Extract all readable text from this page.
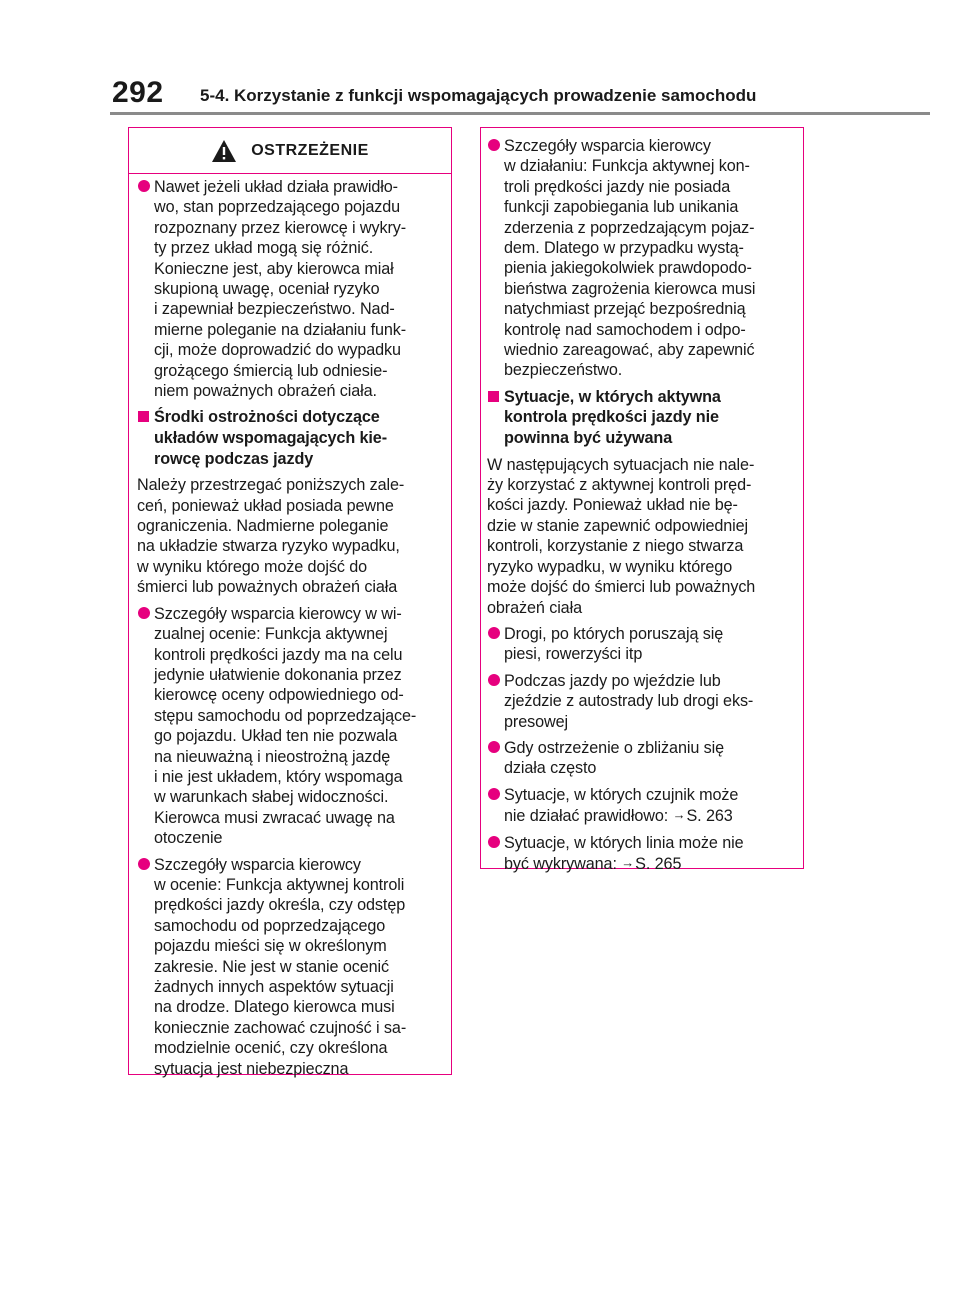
292 5-4. Korzystanie z funkcji wspomagających prowadzenie samochodu
OSTRZEŻENIE
Nawet jeżeli układ działa prawidło-
wo, stan poprzedzającego pojazdu
rozpoznany przez kierowcę i wykry-
ty przez układ mogą się różnić.
Konieczne jest, aby kierowca miał
skupioną uwagę, oceniał ryzyko
i zapewniał bezpieczeństwo. Nad-
mierne poleganie na działaniu funk-
cji, może doprowadzić do wypadku
grożącego śmiercią lub odniesie-
niem poważnych obrażeń ciała.
Środki ostrożności dotyczące
układów wspomagających kie-
rowcę podczas jazdy
Należy przestrzegać poniższych zale-
ceń, ponieważ układ posiada pewne
ograniczenia. Nadmierne poleganie
na układzie stwarza ryzyko wypadku,
w wyniku którego może dojść do
śmierci lub poważnych obrażeń ciała
Szczegóły wsparcia kierowcy w wi-
zualnej ocenie: Funkcja aktywnej
kontroli prędkości jazdy ma na celu
jedynie ułatwienie dokonania przez
kierowcę oceny odpowiedniego od-
stępu samochodu od poprzedzające-
go pojazdu. Układ ten nie pozwala
na nieuważną i nieostrożną jazdę
i nie jest układem, który wspomaga
w warunkach słabej widoczności.
Kierowca musi zwracać uwagę na
otoczenie
Szczegóły wsparcia kierowcy
w ocenie: Funkcja aktywnej kontroli
prędkości jazdy określa, czy odstęp
samochodu od poprzedzającego
pojazdu mieści się w określonym
zakresie. Nie jest w stanie ocenić
żadnych innych aspektów sytuacji
na drodze. Dlatego kierowca musi
koniecznie zachować czujność i sa-
modzielnie ocenić, czy określona
sytuacja jest niebezpieczna
Szczegóły wsparcia kierowcy
w działaniu: Funkcja aktywnej kon-
troli prędkości jazdy nie posiada
funkcji zapobiegania lub unikania
zderzenia z poprzedzającym pojaz-
dem. Dlatego w przypadku wystą-
pienia jakiegokolwiek prawdopodo-
bieństwa zagrożenia kierowca musi
natychmiast przejąć bezpośrednią
kontrolę nad samochodem i odpo-
wiednio zareagować, aby zapewnić
bezpieczeństwo.
Sytuacje, w których aktywna
kontrola prędkości jazdy nie
powinna być używana
W następujących sytuacjach nie nale-
ży korzystać z aktywnej kontroli pręd-
kości jazdy. Ponieważ układ nie bę-
dzie w stanie zapewnić odpowiedniej
kontroli, korzystanie z niego stwarza
ryzyko wypadku, w wyniku którego
może dojść do śmierci lub poważnych
obrażeń ciała
Drogi, po których poruszają się
piesi, rowerzyści itp
Podczas jazdy po wjeździe lub
zjeździe z autostrady lub drogi eks-
presowej
Gdy ostrzeżenie o zbliżaniu się
działa często
Sytuacje, w których czujnik może
nie działać prawidłowo: →S. 263
Sytuacje, w których linia może nie
być wykrywana: →S. 265
